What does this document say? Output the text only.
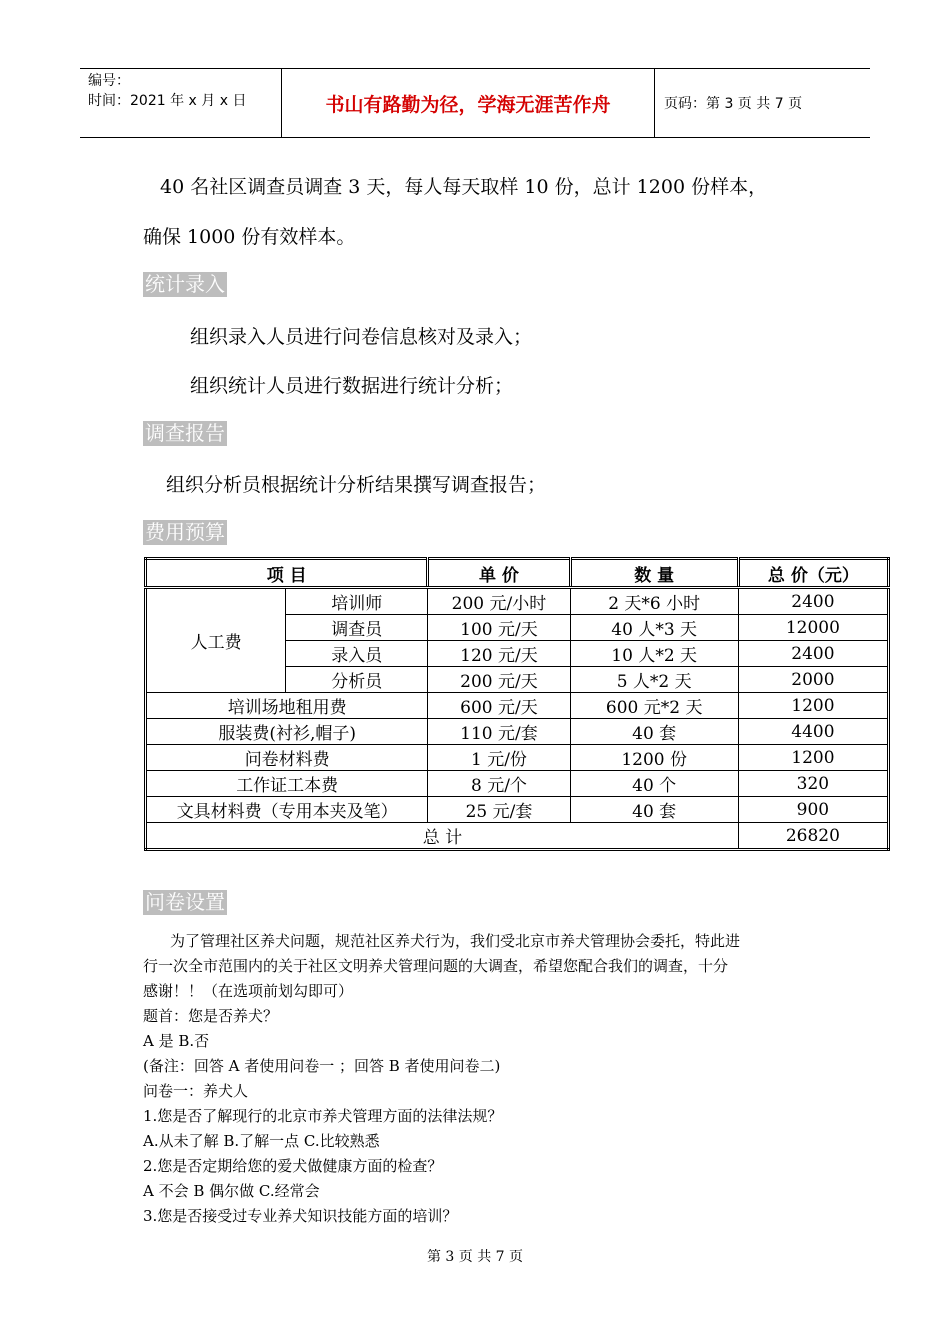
编号：
时间：2021 年 x 月 x 日	书山有路勤为径，学海无涯苦作舟	页码：第 3 页 共 7 页
40 名社区调查员调查 3 天，每人每天取样 10 份，总计 1200 份样本，
确保 1000 份有效样本。
统计录入
组织录入人员进行问卷信息核对及录入；
组织统计人员进行数据进行统计分析；
调查报告
组织分析员根据统计分析结果撰写调查报告；
费用预算
项 目		单 价	数 量	总 价（元）
人工费	培训师	200 元/小时	2 天*6 小时	2400
	调查员	100 元/天	40 人*3 天	12000
	录入员	120 元/天	10 人*2 天	2400
	分析员	200 元/天	5 人*2 天	2000
培训场地租用费		600 元/天	600 元*2 天	1200
服装费(衬衫,帽子)		110 元/套	40 套	4400
问卷材料费		1 元/份	1200 份	1200
工作证工本费		8 元/个	40 个	320
文具材料费（专用本夹及笔）		25 元/套	40 套	900
总 计				26820
问卷设置
为了管理社区养犬问题，规范社区养犬行为，我们受北京市养犬管理协会委托，特此进
行一次全市范围内的关于社区文明养犬管理问题的大调查，希望您配合我们的调查，十分
感谢！！（在选项前划勾即可）
题首：您是否养犬？
A 是 B.否
(备注：回答 A 者使用问卷一 ；回答 B 者使用问卷二)
问卷一：养犬人
1.您是否了解现行的北京市养犬管理方面的法律法规？
A.从未了解 B.了解一点 C.比较熟悉
2.您是否定期给您的爱犬做健康方面的检查？
A 不会 B 偶尔做 C.经常会
3.您是否接受过专业养犬知识技能方面的培训？
第 3 页 共 7 页
